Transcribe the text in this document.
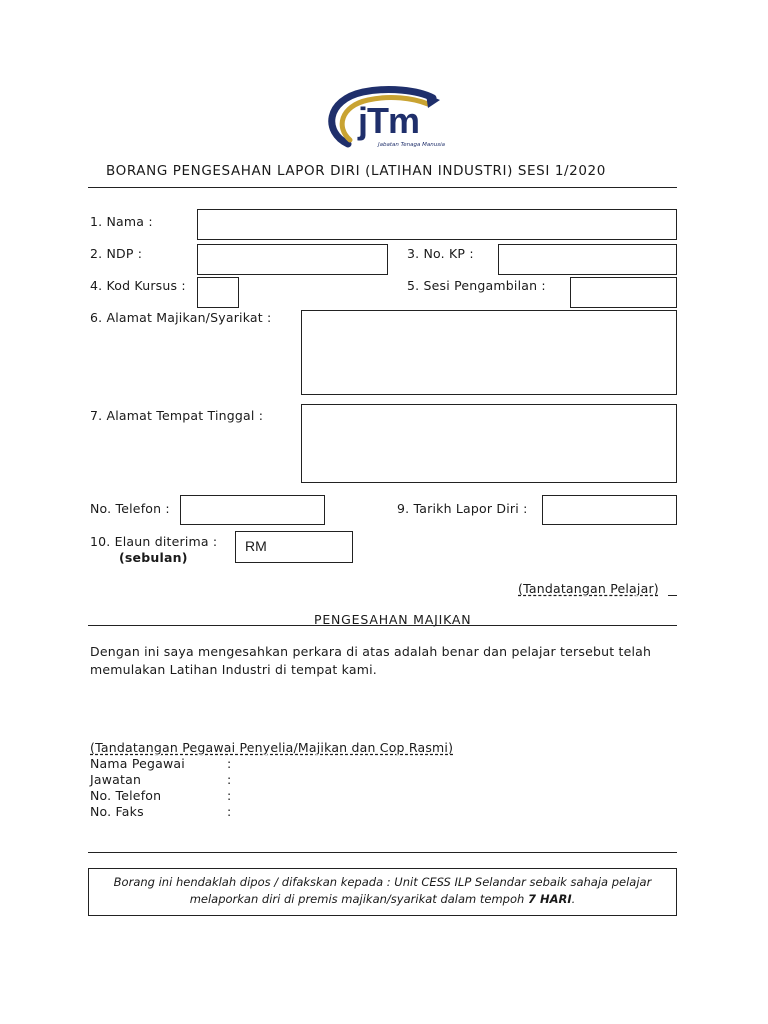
jTm
Jabatan Tenaga Manusia
BORANG PENGESAHAN LAPOR DIRI (LATIHAN INDUSTRI) SESI 1/2020
1. Nama :
2. NDP :	3. No. KP :
4. Kod Kursus :	5. Sesi Pengambilan :
6. Alamat Majikan/Syarikat :
7. Alamat Tempat Tinggal :
No. Telefon :	9. Tarikh Lapor Diri :
10. Elaun diterima :
(sebulan)
RM
(Tandatangan Pelajar)
PENGESAHAN MAJIKAN
Dengan ini saya mengesahkan perkara di atas adalah benar dan pelajar tersebut telah
memulakan Latihan Industri di tempat kami.
(Tandatangan Pegawai Penyelia/Majikan dan Cop Rasmi)
Nama Pegawai	:
Jawatan	:
No. Telefon	:
No. Faks	:
Borang ini hendaklah dipos / difakskan kepada : Unit CESS ILP Selandar sebaik sahaja pelajar
melaporkan diri di premis majikan/syarikat dalam tempoh 7 HARI.
